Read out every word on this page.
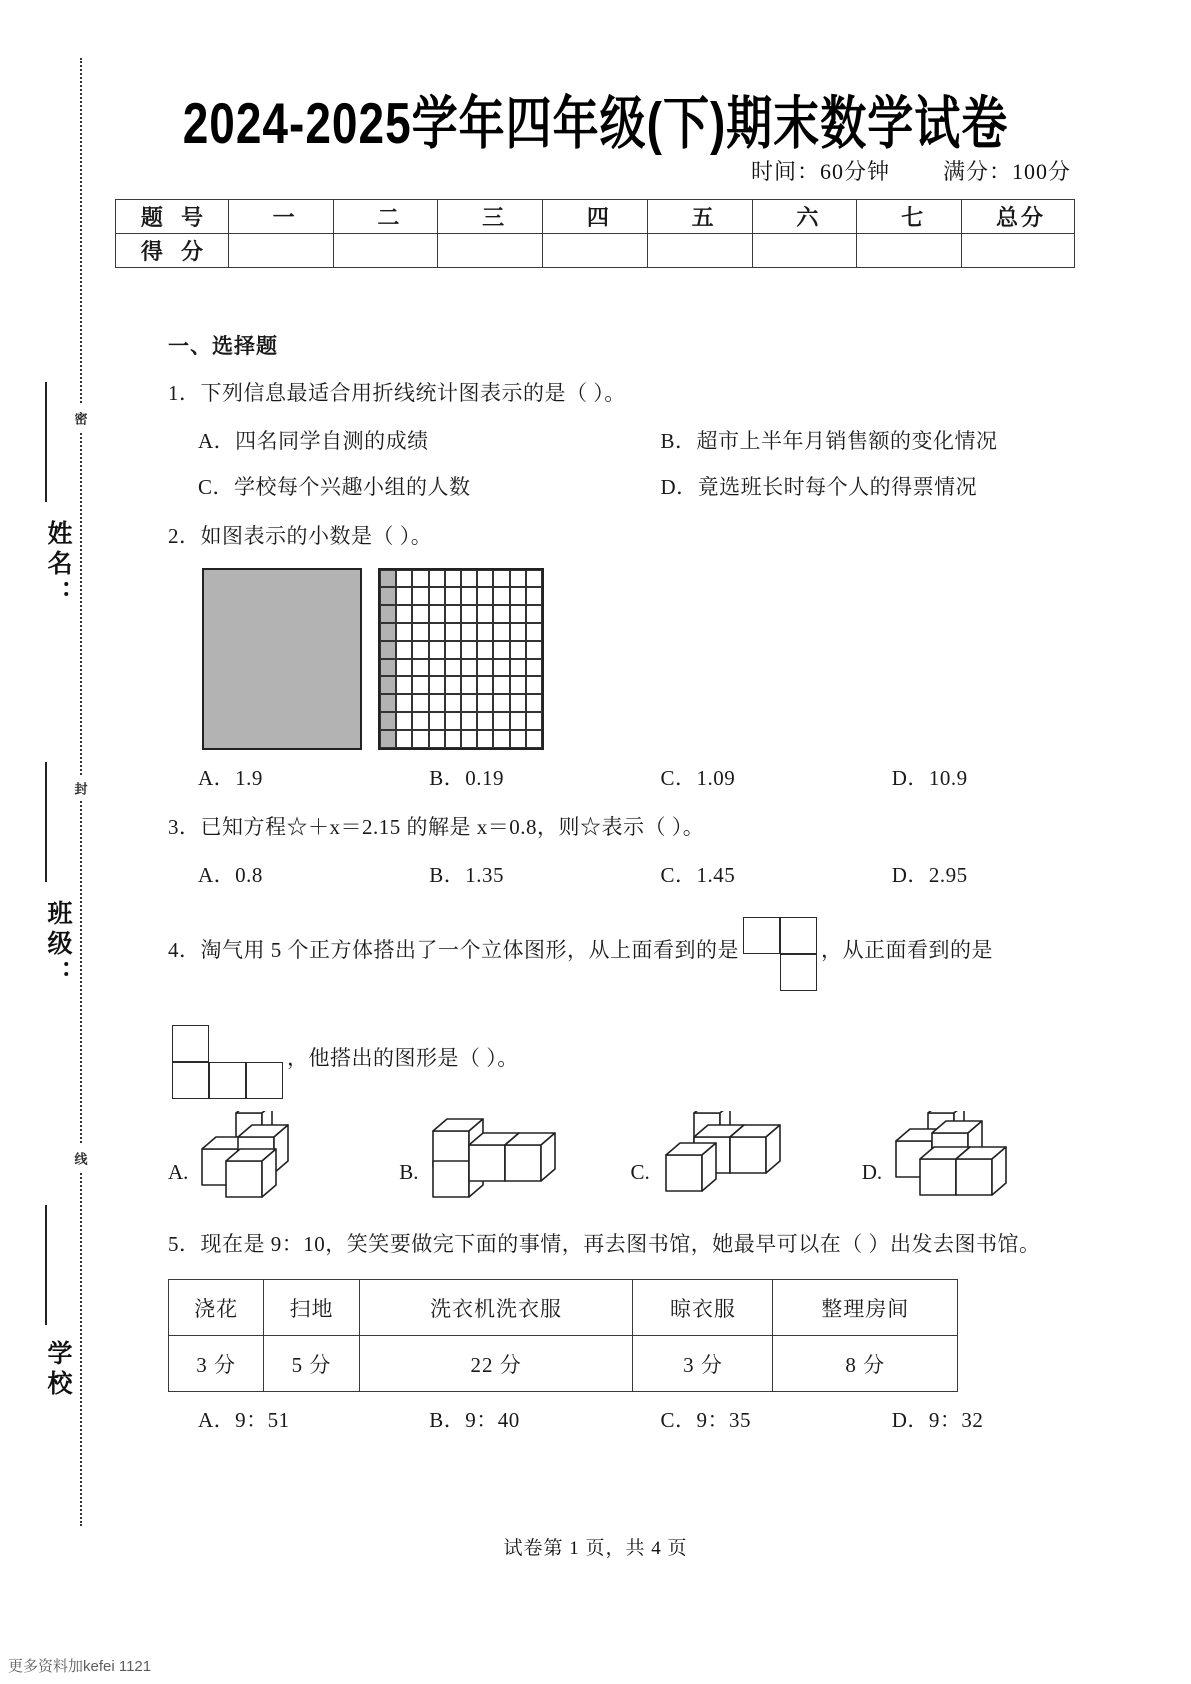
密
封
线
姓名：
班级：
学校
2024-2025学年四年级(下)期末数学试卷
时间：60分钟 满分：100分
题 号	一	二	三	四	五	六	七	总分
得 分								
一、选择题

1．下列信息最适合用折线统计图表示的是（ ）。

A．四名同学自测的成绩	B．超市上半年月销售额的变化情况
C．学校每个兴趣小组的人数	D．竟选班长时每个人的得票情况

2．如图表示的小数是（ ）。

A．1.9	B．0.19	C．1.09	D．10.9

3．已知方程☆＋x＝2.15 的解是 x＝0.8，则☆表示（ ）。

A．0.8	B．1.35	C．1.45	D．2.95

4．淘气用 5 个正方体搭出了一个立体图形，从上面看到的是	，从正面看到的是

，他搭出的图形是（ ）。

A.	B.	C.	D.

5．现在是 9：10，笑笑要做完下面的事情，再去图书馆，她最早可以在（ ）出发去图书馆。

浇花	扫地	洗衣机洗衣服	晾衣服	整理房间
3 分	5 分	22 分	3 分	8 分
A．9：51	B．9：40	C．9：35	D．9：32
试卷第 1 页，共 4 页
更多资料加kefei 1121
